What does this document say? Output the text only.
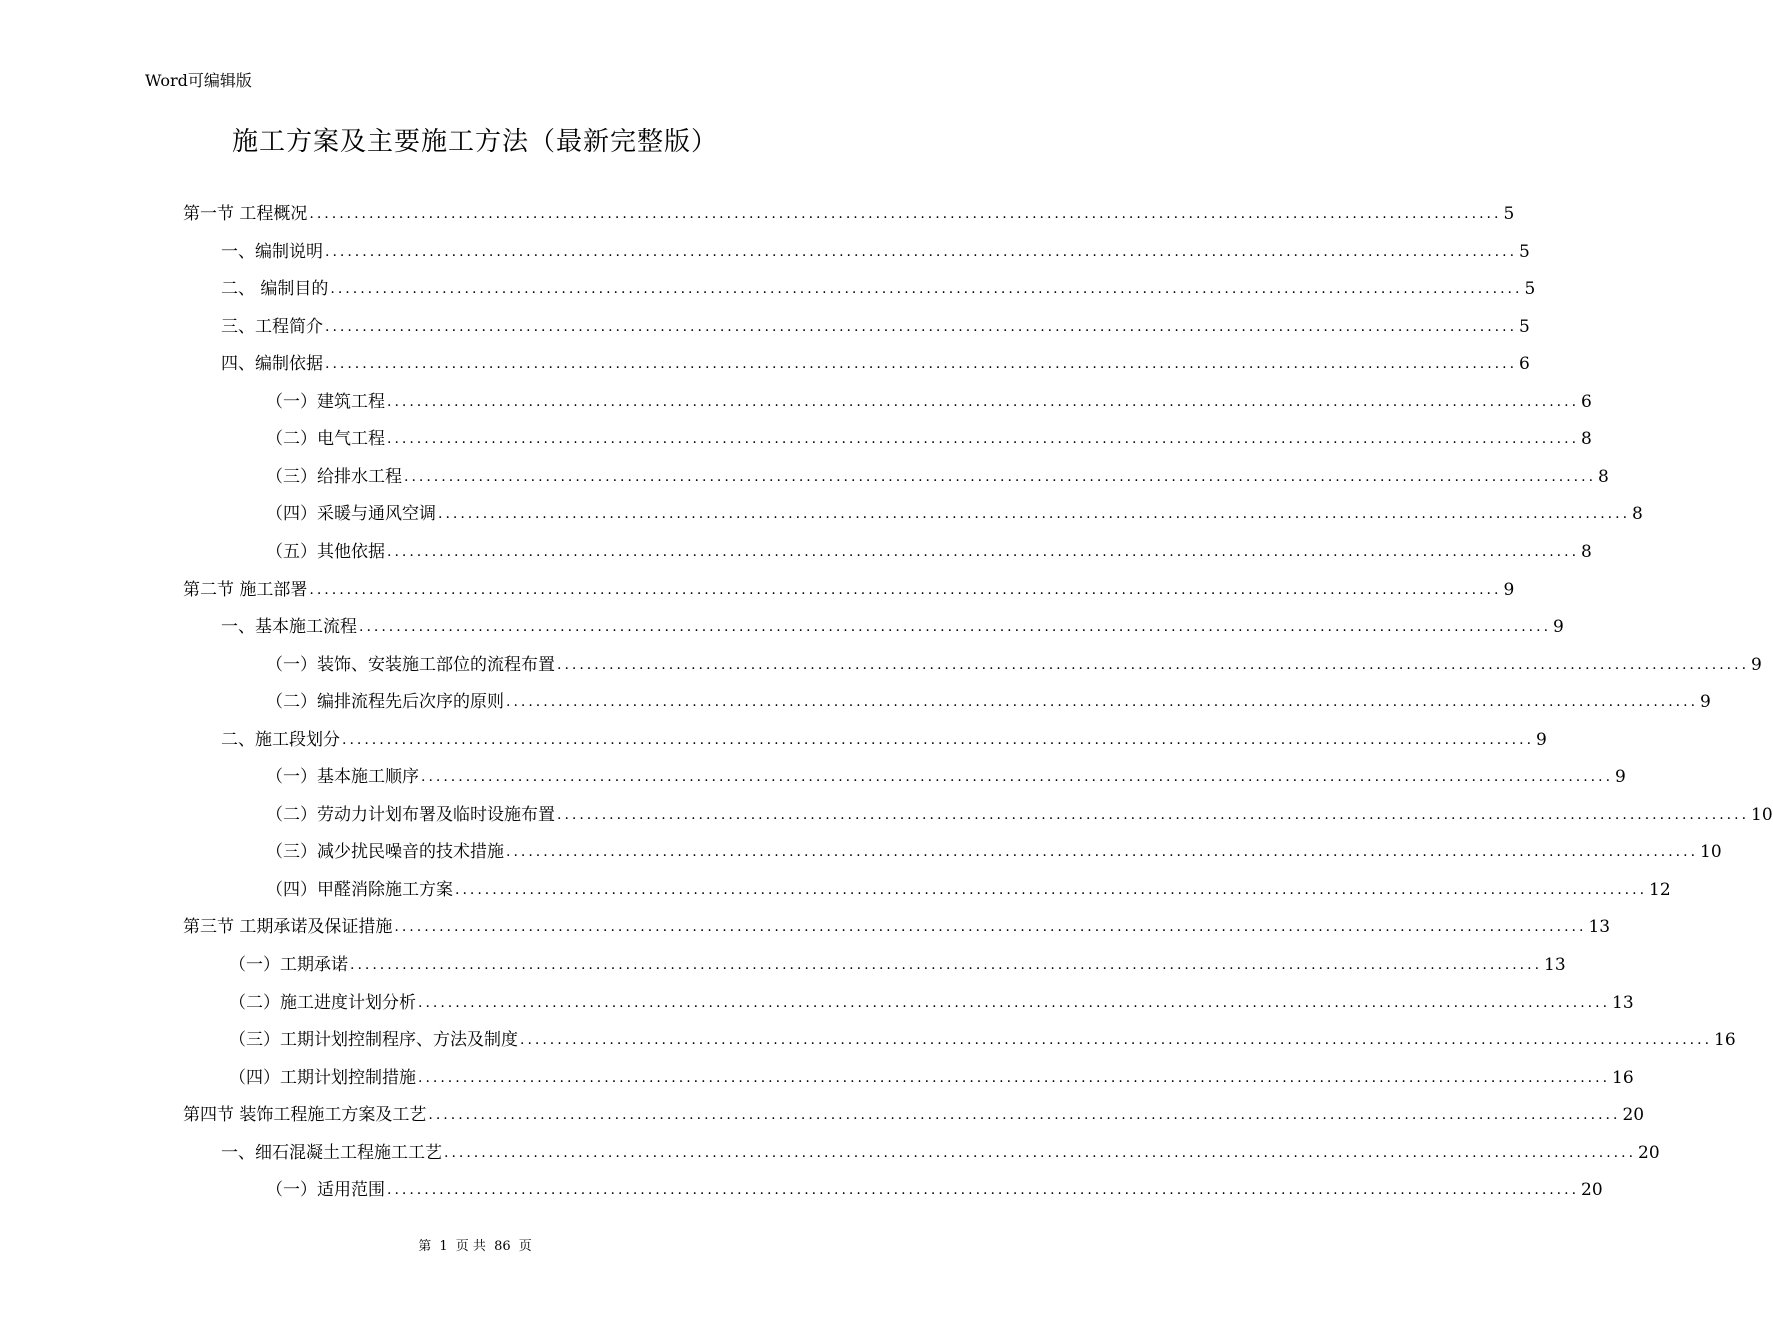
Word可编辑版
施工方案及主要施工方法（最新完整版）
第一节 工程概况 ................................................................................................................................................................ 5
一、编制说明 ................................................................................................................................................................ 5
二、 编制目的 ................................................................................................................................................................ 5
三、工程简介 ................................................................................................................................................................ 5
四、编制依据 ................................................................................................................................................................ 6
（一）建筑工程 ................................................................................................................................................................ 6
（二）电气工程 ................................................................................................................................................................ 8
（三）给排水工程 ................................................................................................................................................................ 8
（四）采暖与通风空调 ................................................................................................................................................................ 8
（五）其他依据 ................................................................................................................................................................ 8
第二节 施工部署 ................................................................................................................................................................ 9
一、基本施工流程 ................................................................................................................................................................ 9
（一）装饰、安装施工部位的流程布置 ................................................................................................................................................................ 9
（二）编排流程先后次序的原则 ................................................................................................................................................................ 9
二、施工段划分 ................................................................................................................................................................ 9
（一）基本施工顺序 ................................................................................................................................................................ 9
（二）劳动力计划布署及临时设施布置 ................................................................................................................................................................ 10
（三）减少扰民噪音的技术措施 ................................................................................................................................................................ 10
（四）甲醛消除施工方案 ................................................................................................................................................................ 12
第三节 工期承诺及保证措施 ................................................................................................................................................................ 13
（一）工期承诺 ................................................................................................................................................................ 13
（二）施工进度计划分析 ................................................................................................................................................................ 13
（三）工期计划控制程序、方法及制度 ................................................................................................................................................................ 16
（四）工期计划控制措施 ................................................................................................................................................................ 16
第四节 装饰工程施工方案及工艺 ................................................................................................................................................................ 20
一、细石混凝土工程施工工艺 ................................................................................................................................................................ 20
（一）适用范围 ................................................................................................................................................................ 20
第 1 页 共 86 页
